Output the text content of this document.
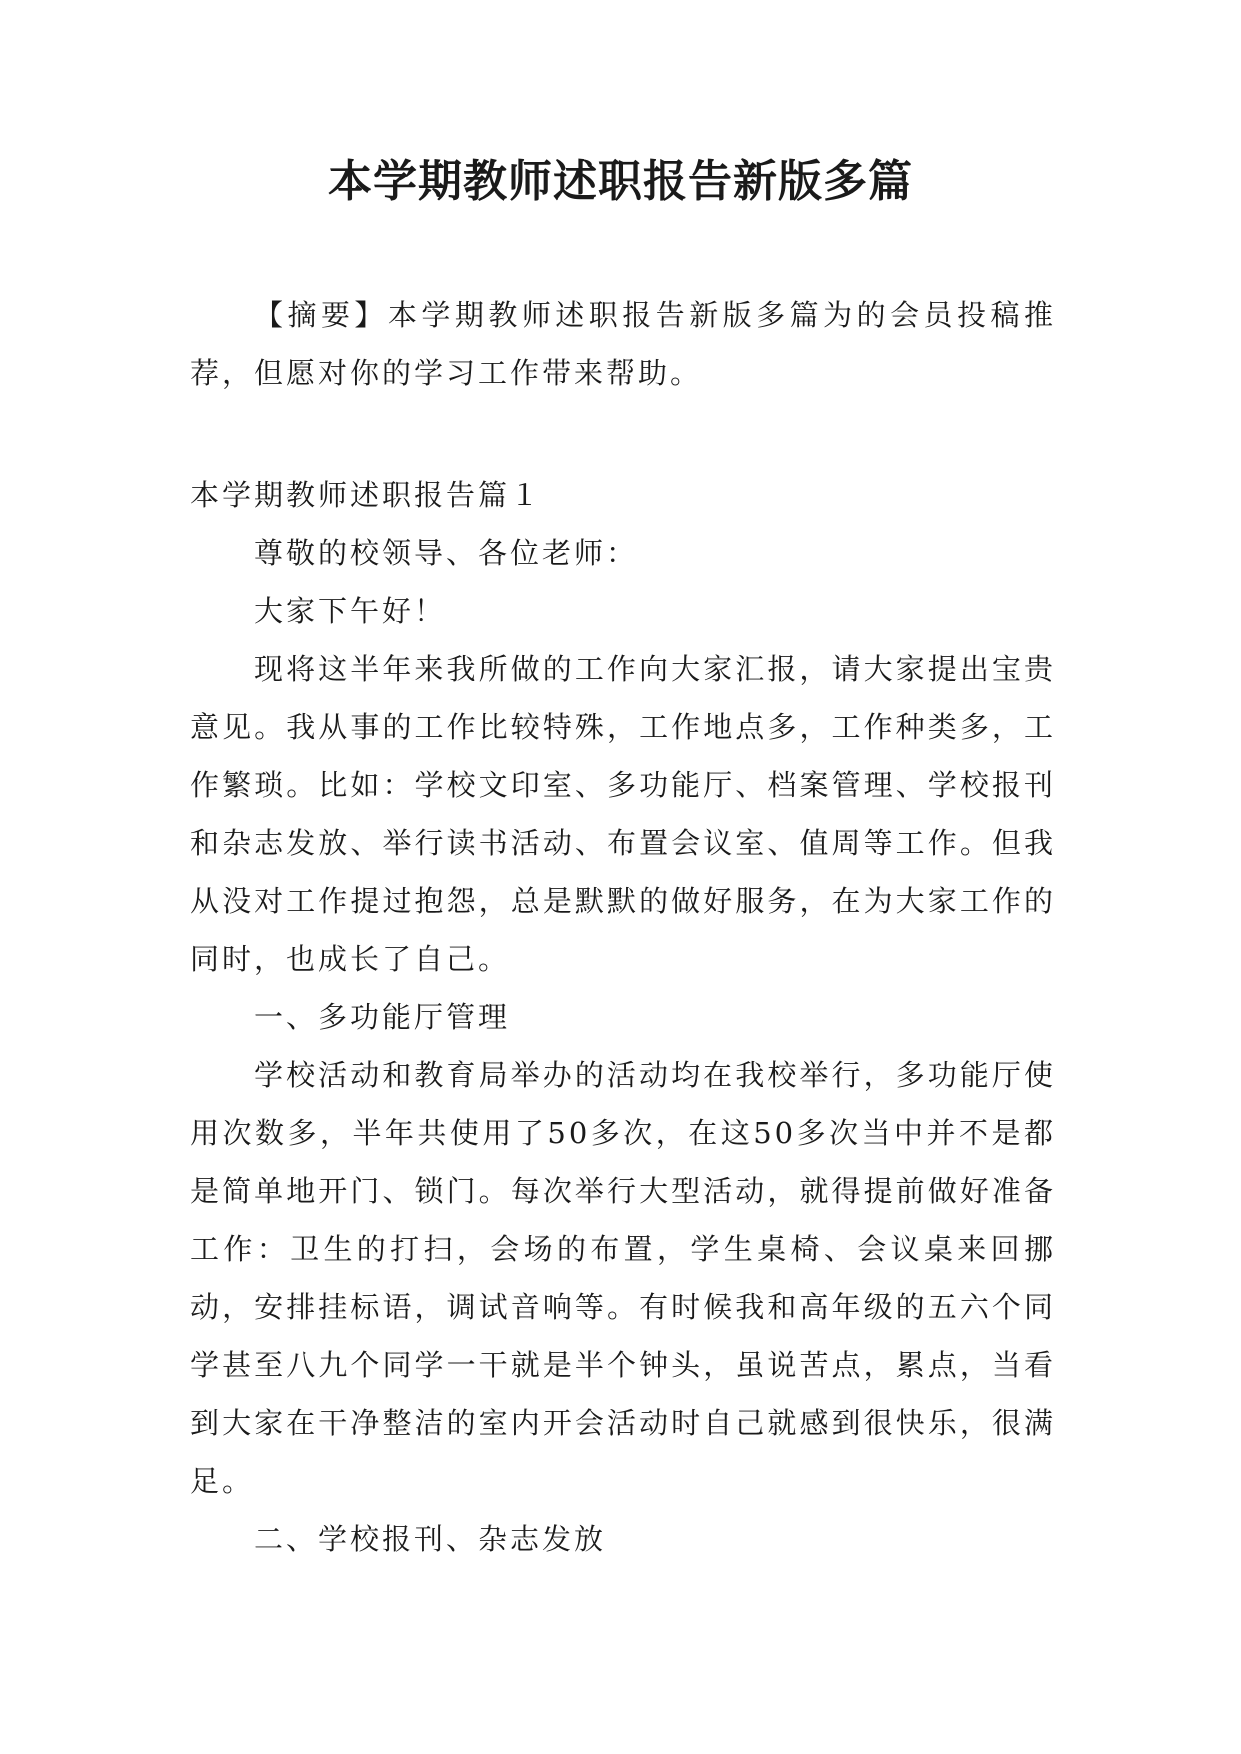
本学期教师述职报告新版多篇

【摘要】本学期教师述职报告新版多篇为的会员投稿推荐，但愿对你的学习工作带来帮助。

本学期教师述职报告篇１

尊敬的校领导、各位老师：

大家下午好！

现将这半年来我所做的工作向大家汇报，请大家提出宝贵意见。我从事的工作比较特殊，工作地点多，工作种类多，工作繁琐。比如：学校文印室、多功能厅、档案管理、学校报刊和杂志发放、举行读书活动、布置会议室、值周等工作。但我从没对工作提过抱怨，总是默默的做好服务，在为大家工作的同时，也成长了自己。

一、多功能厅管理

学校活动和教育局举办的活动均在我校举行，多功能厅使用次数多，半年共使用了50多次，在这50多次当中并不是都是简单地开门、锁门。每次举行大型活动，就得提前做好准备工作：卫生的打扫，会场的布置，学生桌椅、会议桌来回挪动，安排挂标语，调试音响等。有时候我和高年级的五六个同学甚至八九个同学一干就是半个钟头，虽说苦点，累点，当看到大家在干净整洁的室内开会活动时自己就感到很快乐，很满足。

二、学校报刊、杂志发放
